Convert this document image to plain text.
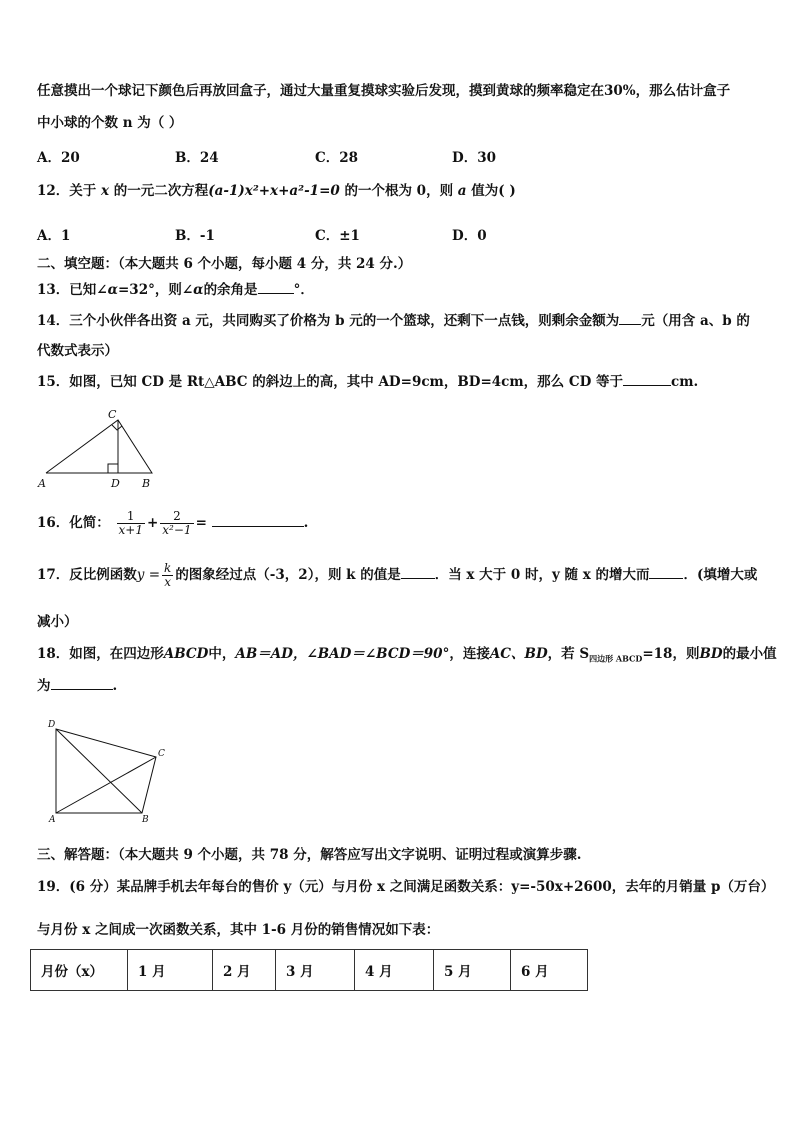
任意摸出一个球记下颜色后再放回盒子，通过大量重复摸球实验后发现，摸到黄球的频率稳定在30%，那么估计盒子
中小球的个数 n 为（ ）
A．20	B．24	C．28	D．30
12．关于 x 的一元二次方程(a-1)x²+x+a²-1=0 的一个根为 0，则 a 值为( )
A．1	B．-1	C．±1	D．0
二、填空题：（本大题共 6 个小题，每小题 4 分，共 24 分.）
13．已知∠α=32°，则∠α的余角是	°．
14．三个小伙伴各出资 a 元，共同购买了价格为 b 元的一个篮球，还剩下一点钱，则剩余金额为 元（用含 a、b 的
代数式表示）
15．如图，已知 CD 是 Rt△ABC 的斜边上的高，其中 AD=9cm，BD=4cm，那么 CD 等于	cm.
A	D B
C
16．化简： $\frac{1}{x+1} + \frac{2}{\text{x²−1}}$ =	.
17．反比例函数$y = \frac{k}{x}$ 的图象经过点（-3，2），则 k 的值是	．当 x 大于 0 时，y 随 x 的增大而	．(填增大或
减小）
18．如图，在四边形ABCD中，AB＝AD，∠BAD＝∠BCD＝90°，连接AC、BD，若 $S_{四边形 ABCD}=18$，则BD的最小值
为	.
D
C
A	B
三、解答题：（本大题共 9 个小题，共 78 分，解答应写出文字说明、证明过程或演算步骤.
19．(6 分）某品牌手机去年每台的售价 y（元）与月份 x 之间满足函数关系：y=-50x+2600，去年的月销量 p（万台）
与月份 x 之间成一次函数关系，其中 1-6 月份的销售情况如下表：
月份（x）	1 月	2 月	3 月	4 月	5 月	6 月
